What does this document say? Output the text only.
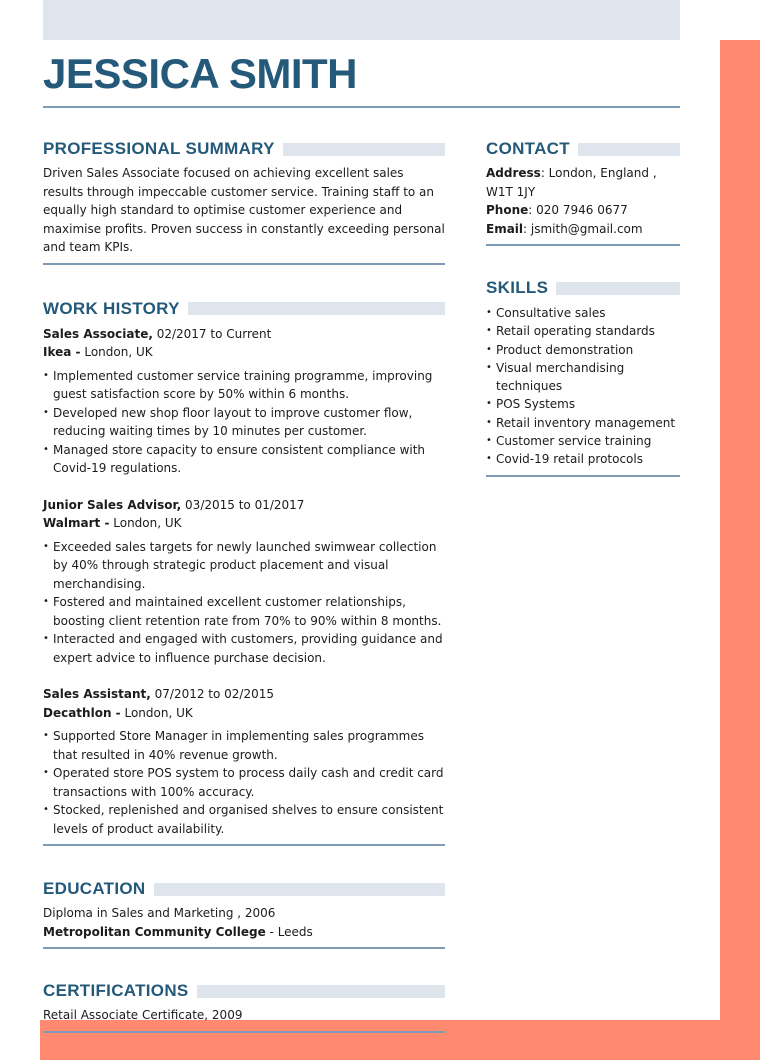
JESSICA SMITH
PROFESSIONAL SUMMARY
Driven Sales Associate focused on achieving excellent sales results through impeccable customer service. Training staff to an equally high standard to optimise customer experience and maximise profits. Proven success in constantly exceeding personal and team KPIs.
WORK HISTORY
Sales Associate, 02/2017 to Current
Ikea - London, UK
• Implemented customer service training programme, improving guest satisfaction score by 50% within 6 months.
• Developed new shop floor layout to improve customer flow, reducing waiting times by 10 minutes per customer.
• Managed store capacity to ensure consistent compliance with Covid-19 regulations.
Junior Sales Advisor, 03/2015 to 01/2017
Walmart - London, UK
• Exceeded sales targets for newly launched swimwear collection by 40% through strategic product placement and visual merchandising.
• Fostered and maintained excellent customer relationships, boosting client retention rate from 70% to 90% within 8 months.
• Interacted and engaged with customers, providing guidance and expert advice to influence purchase decision.
Sales Assistant, 07/2012 to 02/2015
Decathlon - London, UK
• Supported Store Manager in implementing sales programmes that resulted in 40% revenue growth.
• Operated store POS system to process daily cash and credit card transactions with 100% accuracy.
• Stocked, replenished and organised shelves to ensure consistent levels of product availability.
EDUCATION
Diploma in Sales and Marketing , 2006
Metropolitan Community College - Leeds
CERTIFICATIONS
Retail Associate Certificate, 2009
CONTACT
Address: London, England , W1T 1JY
Phone: 020 7946 0677
Email: jsmith@gmail.com
SKILLS
• Consultative sales
• Retail operating standards
• Product demonstration
• Visual merchandising techniques
• POS Systems
• Retail inventory management
• Customer service training
• Covid-19 retail protocols
